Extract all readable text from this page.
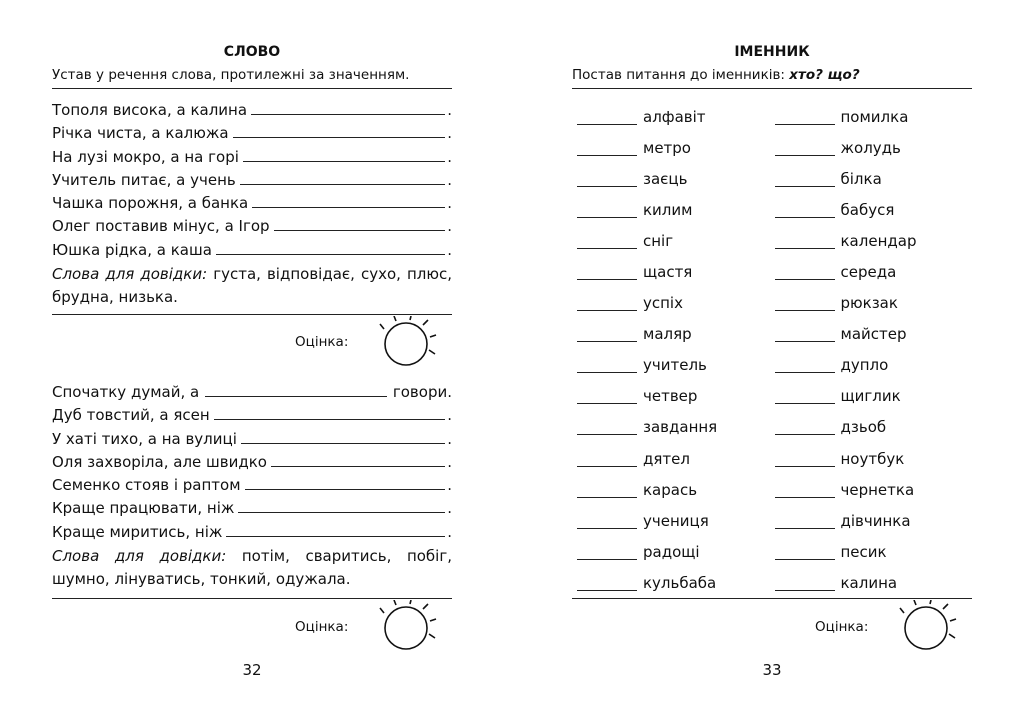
СЛОВО
Устав у речення слова, протилежні за значенням.
Тополя висока, а калина	.
Річка чиста, а калюжа	.
На лузі мокро, а на горі	.
Учитель питає, а учень	.
Чашка порожня, а банка	.
Олег поставив мінус, а Ігор	.
Юшка рідка, а каша	.
Слова для довідки: густа, відповідає, сухо, плюс, брудна, низька.
Оцінка:
Спочатку думай, а	говори.
Дуб товстий, а ясен	.
У хаті тихо, а на вулиці	.
Оля захворіла, але швидко	.
Семенко стояв і раптом	.
Краще працювати, ніж	.
Краще миритись, ніж	.
Слова для довідки: потім, сваритись, побіг, шумно, лінуватись, тонкий, одужала.
Оцінка:
32
ІМЕННИК
Постав питання до іменників: хто? що?
алфавіт	помилка
метро	жолудь
заєць	білка
килим	бабуся
сніг	календар
щастя	середа
успіх	рюкзак
маляр	майстер
учитель	дупло
четвер	щиглик
завдання	дзьоб
дятел	ноутбук
карась	чернетка
учениця	дівчинка
радощі	песик
кульбаба	калина
Оцінка:
33
